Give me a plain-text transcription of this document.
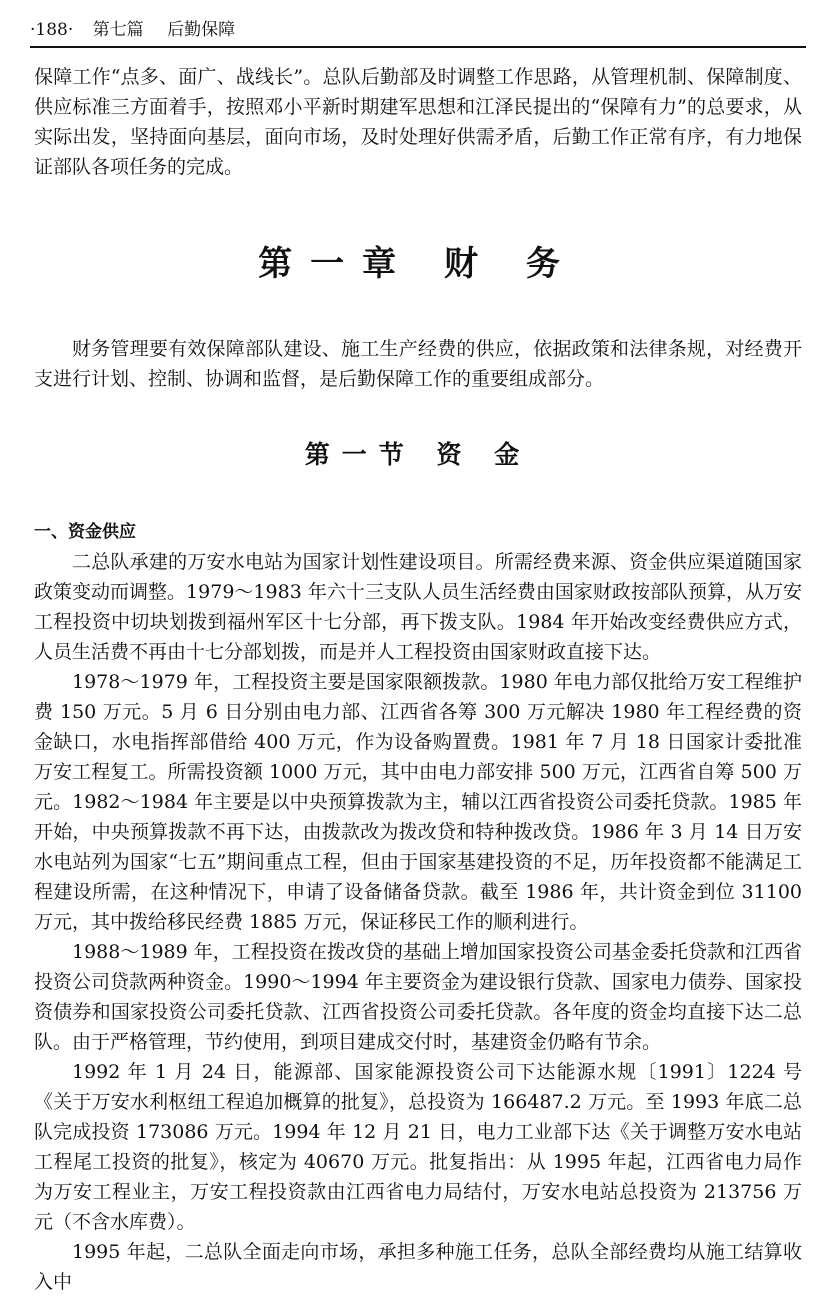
·188· 第七篇 后勤保障

保障工作“点多、面广、战线长”。总队后勤部及时调整工作思路，从管理机制、保障制度、供应标准三方面着手，按照邓小平新时期建军思想和江泽民提出的“保障有力”的总要求，从实际出发，坚持面向基层，面向市场，及时处理好供需矛盾，后勤工作正常有序，有力地保证部队各项任务的完成。

第一章 财 务

财务管理要有效保障部队建设、施工生产经费的供应，依据政策和法律条规，对经费开支进行计划、控制、协调和监督，是后勤保障工作的重要组成部分。

第一节 资 金
一、资金供应

二总队承建的万安水电站为国家计划性建设项目。所需经费来源、资金供应渠道随国家政策变动而调整。1979～1983 年六十三支队人员生活经费由国家财政按部队预算，从万安工程投资中切块划拨到福州军区十七分部，再下拨支队。1984 年开始改变经费供应方式，人员生活费不再由十七分部划拨，而是并人工程投资由国家财政直接下达。

1978～1979 年，工程投资主要是国家限额拨款。1980 年电力部仅批给万安工程维护费 150 万元。5 月 6 日分别由电力部、江西省各筹 300 万元解决 1980 年工程经费的资金缺口，水电指挥部借给 400 万元，作为设备购置费。1981 年 7 月 18 日国家计委批准万安工程复工。所需投资额 1000 万元，其中由电力部安排 500 万元，江西省自筹 500 万元。1982～1984 年主要是以中央预算拨款为主，辅以江西省投资公司委托贷款。1985 年开始，中央预算拨款不再下达，由拨款改为拨改贷和特种拨改贷。1986 年 3 月 14 日万安水电站列为国家“七五”期间重点工程，但由于国家基建投资的不足，历年投资都不能满足工程建设所需，在这种情况下，申请了设备储备贷款。截至 1986 年，共计资金到位 31100 万元，其中拨给移民经费 1885 万元，保证移民工作的顺利进行。

1988～1989 年，工程投资在拨改贷的基础上增加国家投资公司基金委托贷款和江西省投资公司贷款两种资金。1990～1994 年主要资金为建设银行贷款、国家电力债券、国家投资债券和国家投资公司委托贷款、江西省投资公司委托贷款。各年度的资金均直接下达二总队。由于严格管理，节约使用，到项目建成交付时，基建资金仍略有节余。

1992 年 1 月 24 日，能源部、国家能源投资公司下达能源水规〔1991〕1224 号《关于万安水利枢纽工程追加概算的批复》，总投资为 166487.2 万元。至 1993 年底二总队完成投资 173086 万元。1994 年 12 月 21 日，电力工业部下达《关于调整万安水电站工程尾工投资的批复》，核定为 40670 万元。批复指出：从 1995 年起，江西省电力局作为万安工程业主，万安工程投资款由江西省电力局结付，万安水电站总投资为 213756 万元（不含水库费）。

1995 年起，二总队全面走向市场，承担多种施工任务，总队全部经费均从施工结算收入中
